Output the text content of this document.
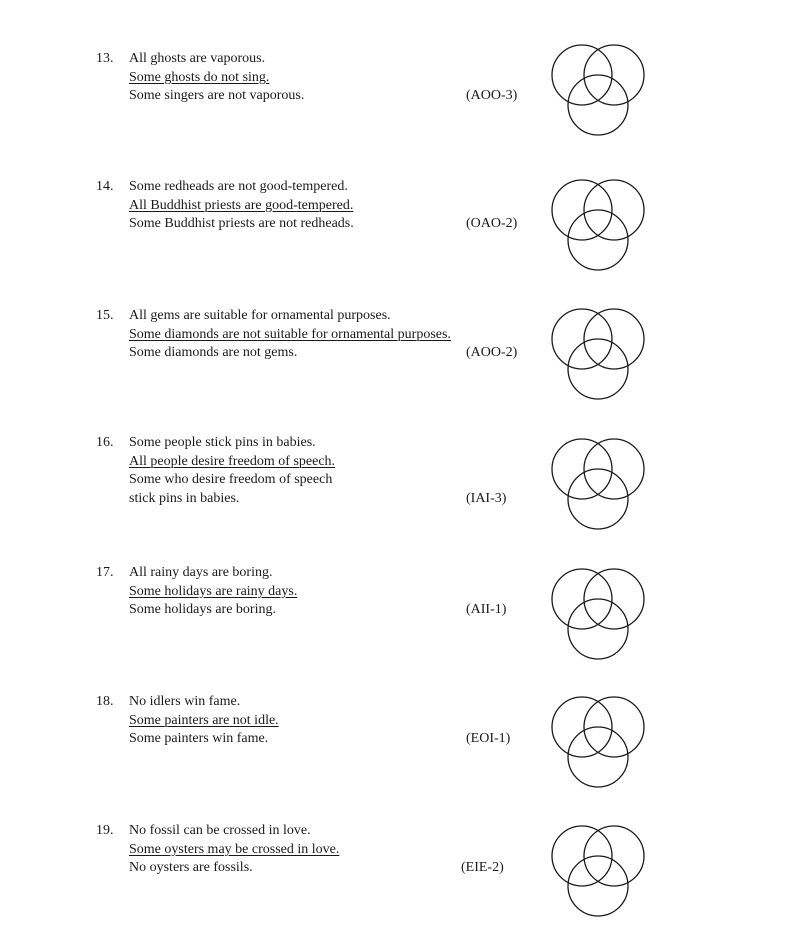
13. All ghosts are vaporous.
Some ghosts do not sing.
Some singers are not vaporous.	(AOO-3)
14. Some redheads are not good-tempered.
All Buddhist priests are good-tempered.
Some Buddhist priests are not redheads.	(OAO-2)
15. All gems are suitable for ornamental purposes.
Some diamonds are not suitable for ornamental purposes.
Some diamonds are not gems.	(AOO-2)
16. Some people stick pins in babies.
All people desire freedom of speech.
Some who desire freedom of speech
stick pins in babies.	(IAI-3)
17. All rainy days are boring.
Some holidays are rainy days.
Some holidays are boring.	(AII-1)
18. No idlers win fame.
Some painters are not idle.
Some painters win fame.	(EOI-1)
19. No fossil can be crossed in love.
Some oysters may be crossed in love.
No oysters are fossils.	(EIE-2)
